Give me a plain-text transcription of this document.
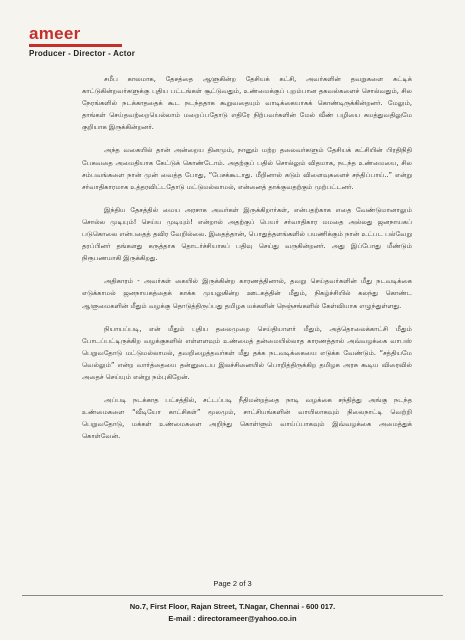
ameer
Producer - Director - Actor

சமீப காலமாக, தேசத்தை ஆளுகின்ற தேசியக் கட்சி, அவர்களின் தவறுகளை சுட்டிக் காட்டுகின்றவர்களுக்கு புதிய பட்டங்கள் சூட்டுவதும், உண்மைக்குப் புறம்பான தகவல்களைச் சொல்வதும், சில நேரங்களில் நடக்காததைக் கூட நடந்ததாக கூறுவதையும் வாடிக்கையாகக் கொண்டிருக்கின்றனர். மேலும், தாங்கள் செய்தவற்றையெல்லாம் மறைப்பதோடு எதிரே நிற்பவர்களின் மேல் வீண் பழியை சுமத்துவதிலுமே குறியாக இருக்கின்றனர்.

அந்த வகையில் தான் அன்றைய தினமும், நானும் மற்ற தலைவர்களும் தேசியக் கட்சியின் பிரதிநிதி பேசுவதை அமைதியாக கேட்டுக் கொண்டோம். அதற்குப் பதில் சொல்லும் விதமாக, நடந்த உண்மையை, சில சம்பவங்களை நான் முன் வைத்த போது, “பேசக்கூடாது. மீறினால் கடும் விளைவுகளைச் சந்திப்பாய்..” என்று சர்வாதிகாரமாக உத்தரவிட்டதோடு மட்டுமல்லாமல், என்னைத் தாக்குவதற்கும் முற்பட்டனர்.

இந்திய தேசத்தில் மைய அரசாக அவர்கள் இருக்கிறார்கள், என்பதற்காக எதை வேண்டுமானாலும் சொல்ல முடியும்! செய்ய முடியும்! என்றால் அதற்குப் பெயர் சர்வாதிகார மமதை அல்லது ஜனநாயகப் படுகொலை என்பதைத் தவிர வேறில்லை. இதைத்தான், பொதுத்தளங்களில் பயணிக்கும் நான் உட்பட பல்வேறு தரப்பினர் தங்களது கருத்தாக தொடர்ச்சியாகப் பதிவு செய்து வருகின்றனர். அது இப்போது மீண்டும் நிரூபணமாகி இருக்கிறது.

அதிகாரம் - அவர்கள் கையில் இருக்கின்ற காரணத்தினால், தவறு செய்தவர்களின் மீது நடவடிக்கை எடுக்காமல் ஜனநாயகத்தைக் காக்க முயலுகின்ற ஊடகத்தின் மீதும், நிகழ்ச்சியில் கலந்து கொண்ட ஆளுமைகளின் மீதும் வழக்கு தொடுத்திருப்பது தமிழக மக்களின் நெஞ்சங்களில் கேள்வியாக எழுந்துள்ளது.

நியாயப்படி, என் மீதும் புதிய தலைமுறை செய்தியாளர் மீதும், அத்தொலைக்காட்சி மீதும் போடப்பட்டிருக்கிற வழக்குகளில் எள்ளளவும் உண்மைத் தன்மையில்லாத காரணத்தால் அவ்வழக்கை வாபஸ் பெறுவதோடு மட்டுமல்லாமல், தவறிழைத்தவர்கள் மீது தக்க நடவடிக்கையை எடுக்க வேண்டும். “சத்தியமே வெல்லும்” என்ற வார்த்தையை தன்னுடைய இலச்சினையில் பொறித்திருக்கிற தமிழக அரசு கூடிய விரைவில் அதைச் செய்யும் என்று நம்புகிறேன்.

அப்படி நடக்காத பட்சத்தில், சட்டப்படி நீதிமன்றத்தை நாடி வழக்கை சந்தித்து அங்கு நடந்த உண்மைகளை “வீடியோ காட்சிகள்” மூலமும், சாட்சியங்களின் வாயிலாகவும் நிலைநாட்டி வெற்றி பெறுவதோடு, மக்கள் உண்மைகளை அறிந்து கொள்ளும் வாய்ப்பாகவும் இவ்வழக்கை அமைத்துக் கொள்வேன்.

Page 2 of 3
No.7, First Floor, Rajan Street, T.Nagar, Chennai - 600 017.
E-mail : directorameer@yahoo.co.in
